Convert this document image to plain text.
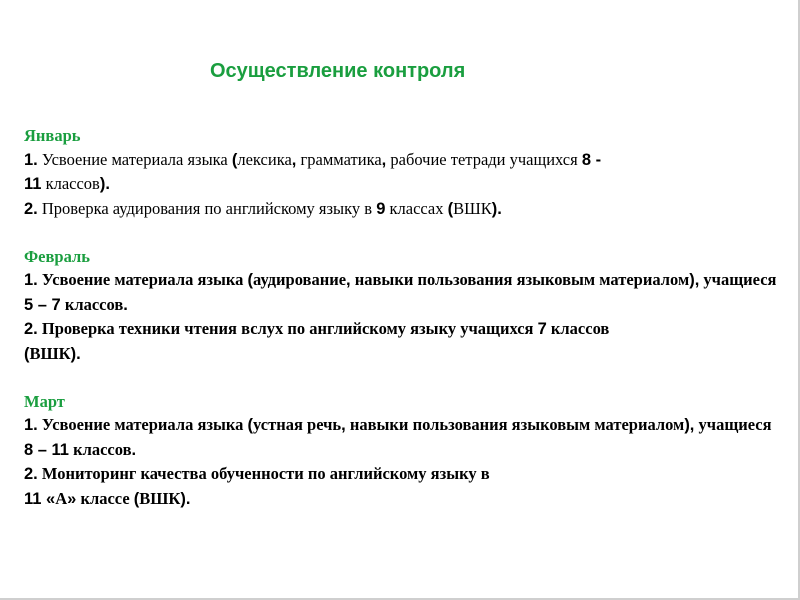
Осуществление контроля
Январь

1. Усвоение материала языка (лексика, грамматика, рабочие тетради учащихся 8 -
11 классов).

2. Проверка аудирования по английскому языку в 9 классах (ВШК).

Февраль

1. Усвоение материала языка (аудирование, навыки пользования языковым материалом), учащиеся 5 – 7 классов.

2. Проверка техники чтения вслух по английскому языку учащихся 7 классов
(ВШК).

Март

1. Усвоение материала языка (устная речь, навыки пользования языковым материалом), учащиеся 8 – 11 классов.

2. Мониторинг качества обученности по английскому языку в
11 «А» классе (ВШК).
